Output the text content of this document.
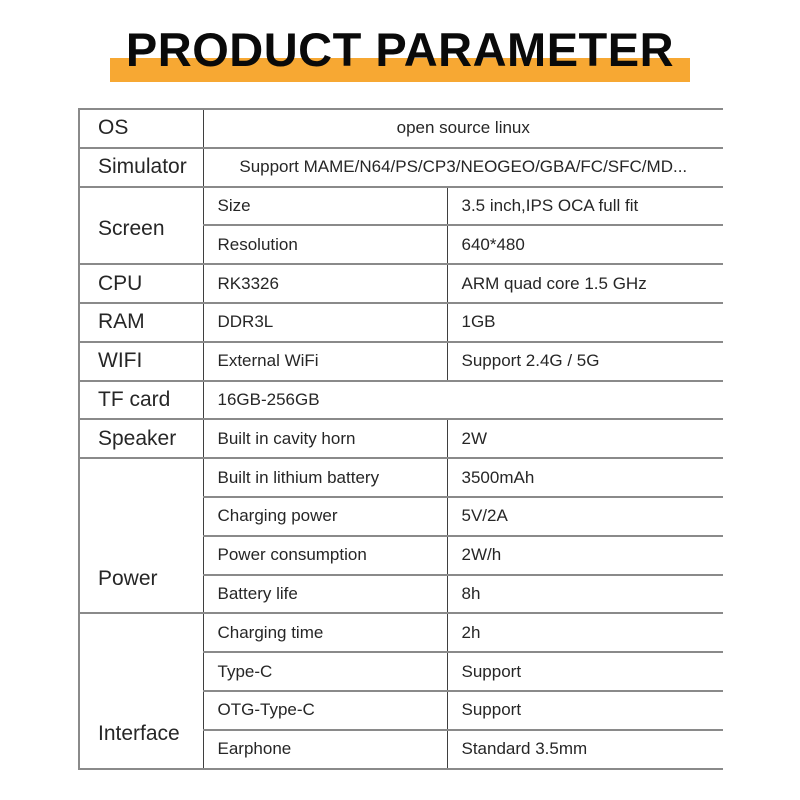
PRODUCT PARAMETER
OS	open source linux	
Simulator	Support MAME/N64/PS/CP3/NEOGEO/GBA/FC/SFC/MD...	
Screen	Size	3.5 inch,IPS OCA full fit
	Resolution	640*480
CPU	RK3326	ARM quad core 1.5 GHz
RAM	DDR3L	1GB
WIFI	External WiFi	Support 2.4G / 5G
TF card	16GB-256GB	
Speaker	Built in cavity horn	2W
Power	Built in lithium battery	3500mAh
	Charging power	5V/2A
	Power consumption	2W/h
	Battery life	8h
Interface	Charging time	2h
	Type-C	Support
	OTG-Type-C	Support
	Earphone	Standard 3.5mm
